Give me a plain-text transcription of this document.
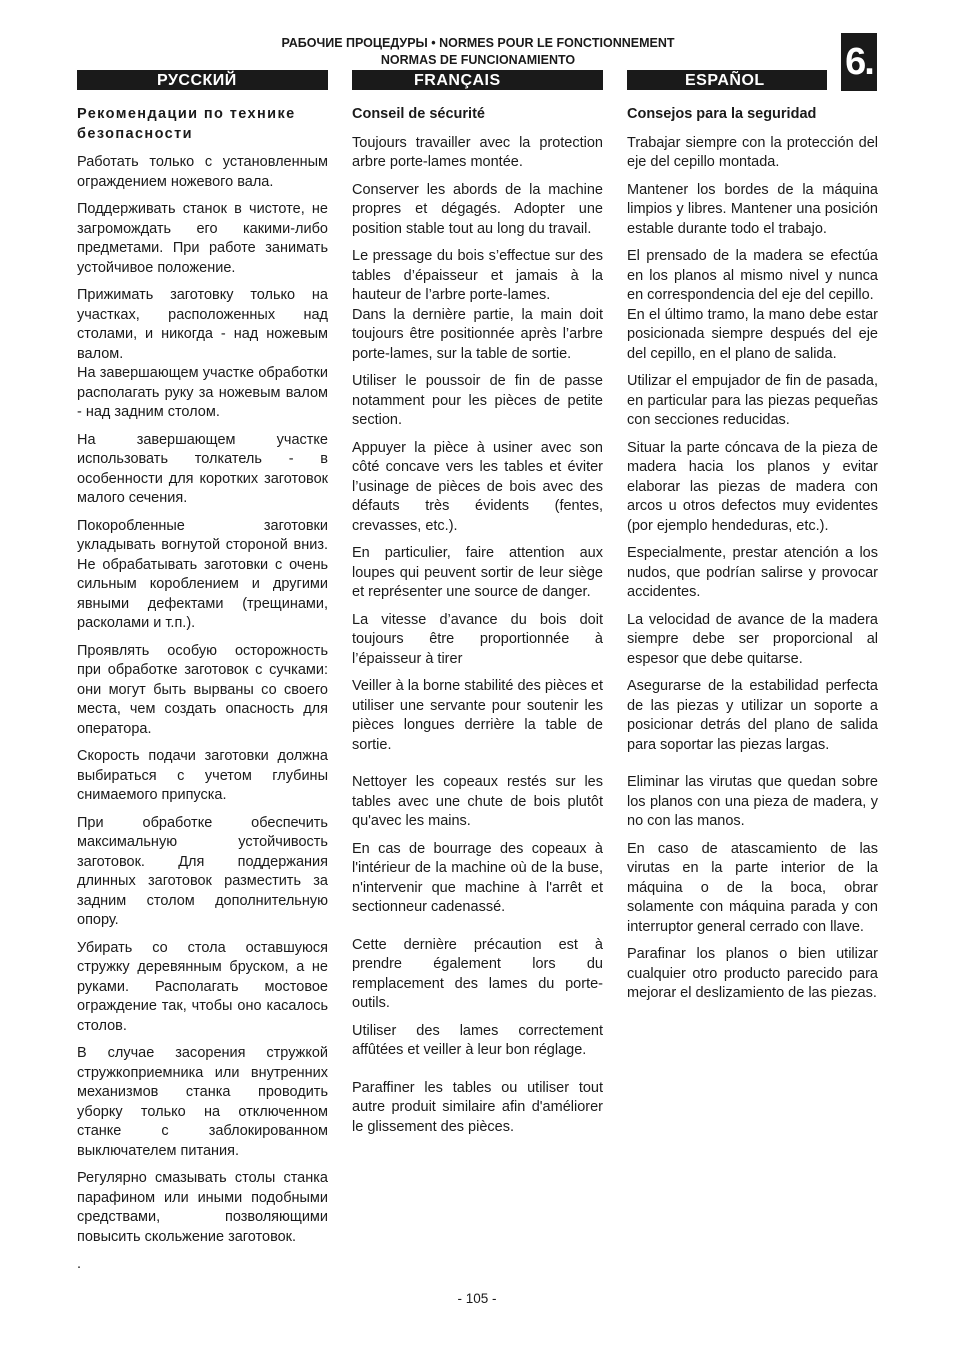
РАБОЧИЕ ПРОЦЕДУРЫ • NORMES POUR LE FONCTIONNEMENT
NORMAS DE FUNCIONAMIENTO	6.
РУССКИЙ
Рекомендации по технике безопасности

Работать только с установленным ограждением ножевого вала.

Поддерживать станок в чистоте, не загромождать его какими-либо предметами. При работе занимать устойчивое положение.

Прижимать заготовку только на участках, расположенных над столами, и никогда - над ножевым валом.
На завершающем участке обработки располагать руку за ножевым валом - над задним столом.

На завершающем участке использовать толкатель - в особенности для коротких заготовок малого сечения.

Покоробленные заготовки укладывать вогнутой стороной вниз. Не обрабатывать заготовки с очень сильным короблением и другими явными дефектами (трещинами, расколами и т.п.).

Проявлять особую осторожность при обработке заготовок с сучками: они могут быть вырваны со своего места, чем создать опасность для оператора.

Скорость подачи заготовки должна выбираться с учетом глубины снимаемого припуска.

При обработке обеспечить максимальную устойчивость заготовок. Для поддержания длинных заготовок разместить за задним столом дополнительную опору.

Убирать со стола оставшуюся стружку деревянным бруском, а не руками. Располагать мостовое ограждение так, чтобы оно касалось столов.

В случае засорения стружкой стружкоприемника или внутренних механизмов станка проводить уборку только на отключенном станке с заблокированном выключателем питания.

Регулярно смазывать столы станка парафином или иными подобными средствами, позволяющими повысить скольжение заготовок.

.

FRANÇAIS
Conseil de sécurité

Toujours travailler avec la protection arbre porte-lames montée.

Conserver les abords de la machine propres et dégagés. Adopter une position stable tout au long du travail.

Le pressage du bois s’effectue sur des tables d’épaisseur et jamais à la hauteur de l’arbre porte-lames.
Dans la dernière partie, la main doit toujours être positionnée après l’arbre porte-lames, sur la table de sortie.

Utiliser le poussoir de fin de passe notamment pour les pièces de petite section.

Appuyer la pièce à usiner avec son côté concave vers les tables et éviter l’usinage de pièces de bois avec des défauts très évidents (fentes, crevasses, etc.).

En particulier, faire attention aux loupes qui peuvent sortir de leur siège et représenter une source de danger.

La vitesse d’avance du bois doit toujours être proportionnée à l’épaisseur à tirer

Veiller à la borne stabilité des pièces et utiliser une servante pour soutenir les pièces longues derrière la table de sortie.

Nettoyer les copeaux restés sur les tables avec une chute de bois plutôt qu'avec les mains.

En cas de bourrage des copeaux à l'intérieur de la machine où de la buse, n'intervenir que machine à l'arrêt et sectionneur cadenassé.

Cette dernière précaution est à prendre également lors du remplacement des lames du porte-outils.

Utiliser des lames correctement affûtées et veiller à leur bon réglage.

Paraffiner les tables ou utiliser tout autre produit similaire afin d'améliorer le glissement des pièces.

ESPAÑOL
Consejos para la seguridad

Trabajar siempre con la protección del eje del cepillo montada.

Mantener los bordes de la máquina limpios y libres. Mantener una posición estable durante todo el trabajo.

El prensado de la madera se efectúa en los planos al mismo nivel y nunca en correspondencia del eje del cepillo.
En el último tramo, la mano debe estar posicionada siempre después del eje del cepillo, en el plano de salida.

Utilizar el empujador de fin de pasada, en particular para las piezas pequeñas con secciones reducidas.

Situar la parte cóncava de la pieza de madera hacia los planos y evitar elaborar las piezas de madera con arcos u otros defectos muy evidentes (por ejemplo hendeduras, etc.).

Especialmente, prestar atención a los nudos, que podrían salirse y provocar accidentes.

La velocidad de avance de la madera siempre debe ser proporcional al espesor que debe quitarse.

Asegurarse de la estabilidad perfecta de las piezas y utilizar un soporte a posicionar detrás del plano de salida para soportar las piezas largas.

Eliminar las virutas que quedan sobre los planos con una pieza de madera, y no con las manos.

En caso de atascamiento de las virutas en la parte interior de la máquina o de la boca, obrar solamente con máquina parada y con interruptor general cerrado con llave.

Parafinar los planos o bien utilizar cualquier otro producto parecido para mejorar el deslizamiento de las piezas.

- 105 -
